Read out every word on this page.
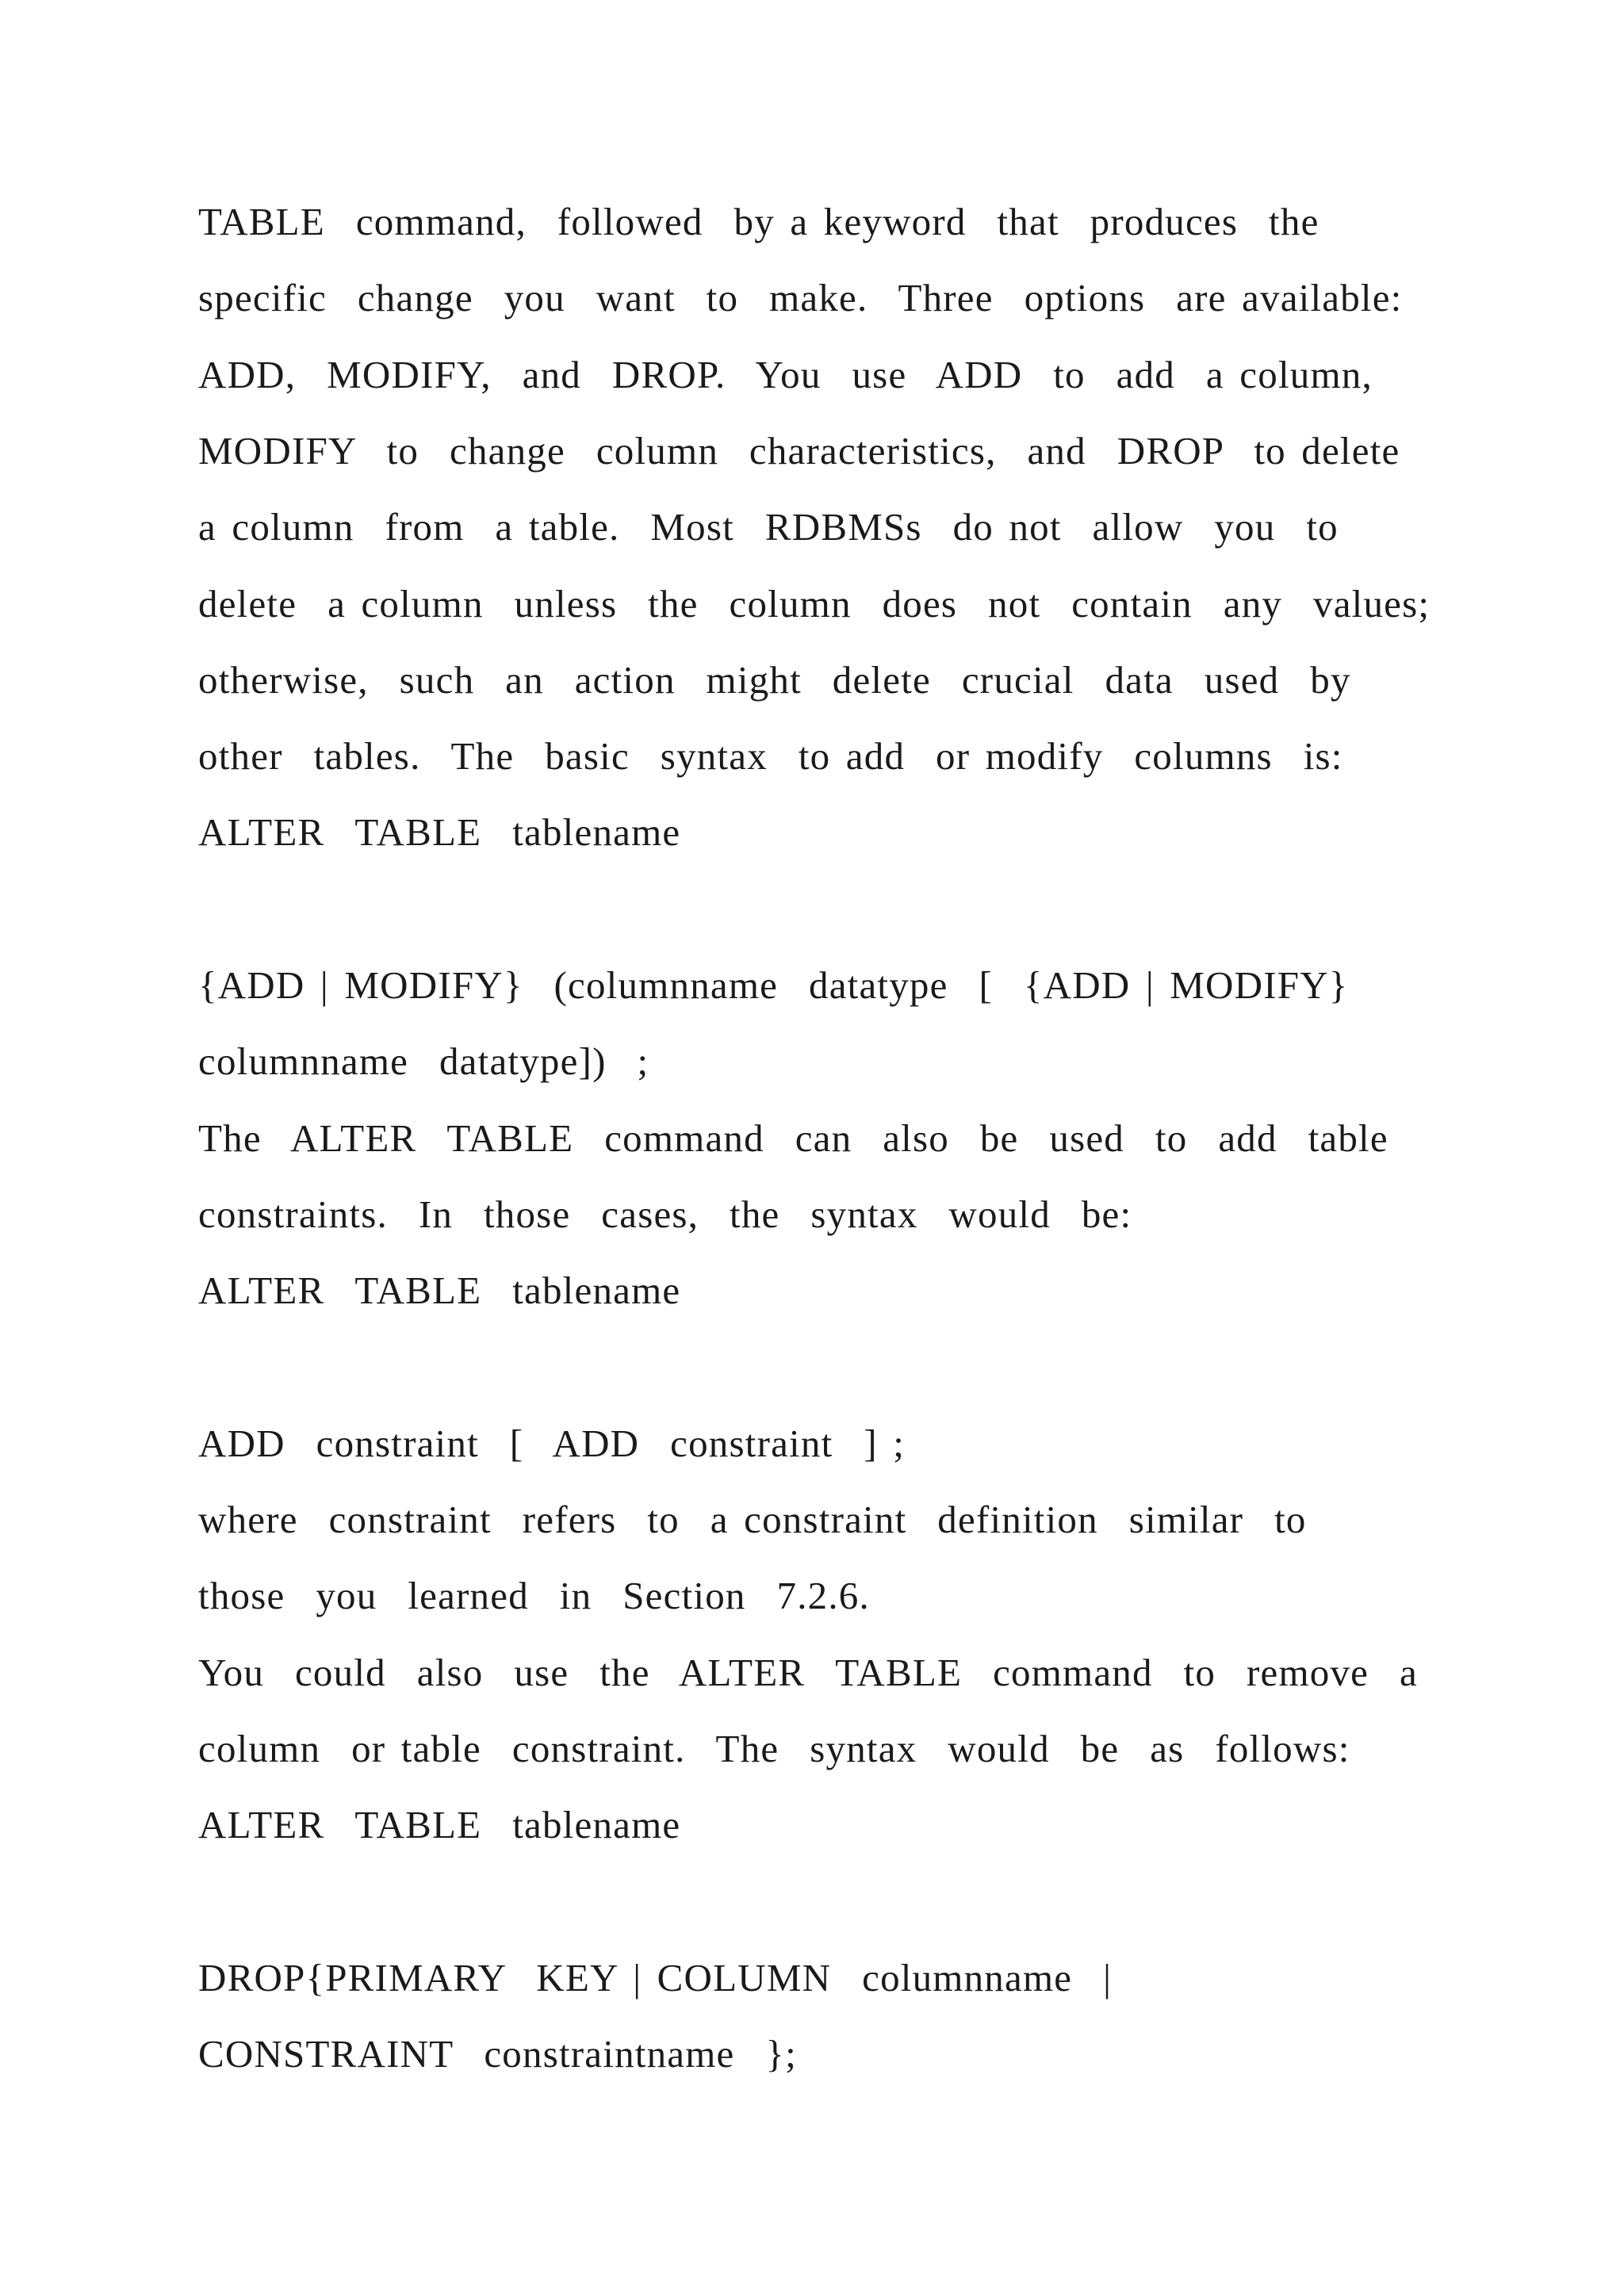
TABLE  command,  followed  by a keyword  that  produces  the
specific  change  you  want  to  make.  Three  options  are available:
ADD,  MODIFY,  and  DROP.  You  use  ADD  to  add  a column,
MODIFY  to  change  column  characteristics,  and  DROP  to delete
a column  from  a table.  Most  RDBMSs  do not  allow  you  to
delete  a column  unless  the  column  does  not  contain  any  values;
otherwise,  such  an  action  might  delete  crucial  data  used  by
other  tables.  The  basic  syntax  to add  or modify  columns  is:
ALTER  TABLE  tablename
{ADD | MODIFY}  (columnname  datatype  [  {ADD | MODIFY}
columnname  datatype])  ;
The  ALTER  TABLE  command  can  also  be  used  to  add  table
constraints.  In  those  cases,  the  syntax  would  be:
ALTER  TABLE  tablename
ADD  constraint  [  ADD  constraint  ] ;
where  constraint  refers  to  a constraint  definition  similar  to
those  you  learned  in  Section  7.2.6.
You  could  also  use  the  ALTER  TABLE  command  to  remove  a
column  or table  constraint.  The  syntax  would  be  as  follows:
ALTER  TABLE  tablename
DROP{PRIMARY  KEY | COLUMN  columnname  |
CONSTRAINT  constraintname  };
